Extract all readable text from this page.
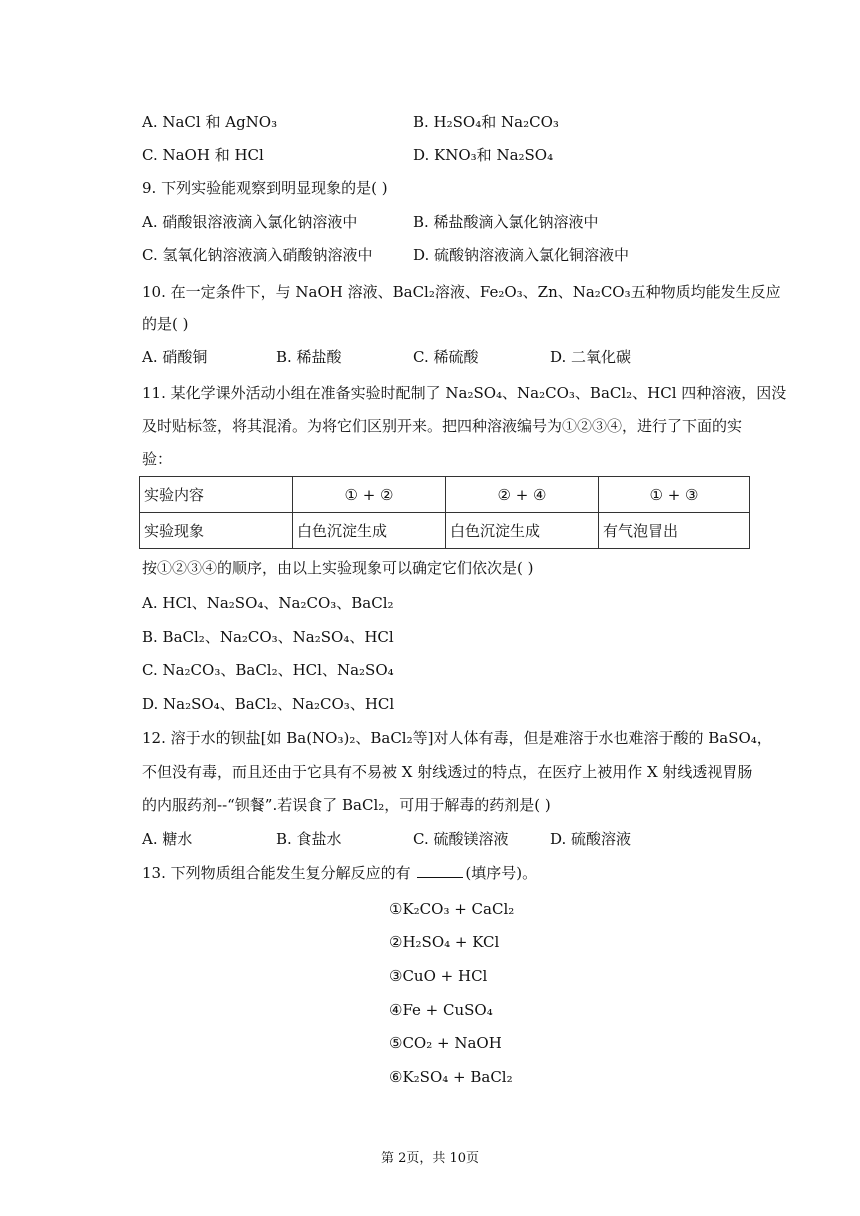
A. NaCl 和 AgNO₃	B. H₂SO₄和 Na₂CO₃
C. NaOH 和 HCl	D. KNO₃和 Na₂SO₄
9. 下列实验能观察到明显现象的是( )
A. 硝酸银溶液滴入氯化钠溶液中	B. 稀盐酸滴入氯化钠溶液中
C. 氢氧化钠溶液滴入硝酸钠溶液中	D. 硫酸钠溶液滴入氯化铜溶液中
10. 在一定条件下，与 NaOH 溶液、BaCl₂溶液、Fe₂O₃、Zn、Na₂CO₃五种物质均能发生反应
的是( )
A. 硝酸铜	B. 稀盐酸	C. 稀硫酸	D. 二氧化碳
11. 某化学课外活动小组在准备实验时配制了 Na₂SO₄、Na₂CO₃、BaCl₂、HCl 四种溶液，因没
及时贴标签，将其混淆。为将它们区别开来。把四种溶液编号为①②③④，进行了下面的实
验：
实验内容	① + ②	② + ④	① + ③
实验现象	白色沉淀生成	白色沉淀生成	有气泡冒出
按①②③④的顺序，由以上实验现象可以确定它们依次是( )
A. HCl、Na₂SO₄、Na₂CO₃、BaCl₂
B. BaCl₂、Na₂CO₃、Na₂SO₄、HCl
C. Na₂CO₃、BaCl₂、HCl、Na₂SO₄
D. Na₂SO₄、BaCl₂、Na₂CO₃、HCl
12. 溶于水的钡盐[如 Ba(NO₃)₂、BaCl₂等]对人体有毒，但是难溶于水也难溶于酸的 BaSO₄，
不但没有毒，而且还由于它具有不易被 X 射线透过的特点，在医疗上被用作 X 射线透视胃肠
的内服药剂--“钡餐”.若误食了 BaCl₂，可用于解毒的药剂是( )
A. 糖水	B. 食盐水	C. 硫酸镁溶液	D. 硫酸溶液
13. 下列物质组合能发生复分解反应的有	(填序号)。
①K₂CO₃ + CaCl₂
②H₂SO₄ + KCl
③CuO + HCl
④Fe + CuSO₄
⑤CO₂ + NaOH
⑥K₂SO₄ + BaCl₂
第 2页，共 10页
